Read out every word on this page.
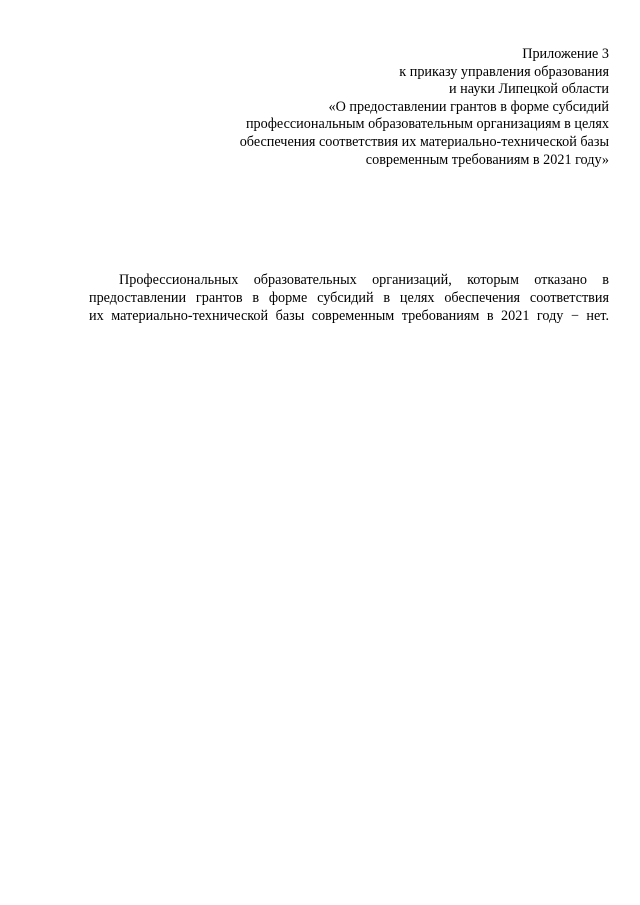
Приложение 3
к приказу управления образования
и науки Липецкой области
«О предоставлении грантов в форме субсидий
профессиональным образовательным организациям в целях
обеспечения соответствия их материально-технической базы
современным требованиям в 2021 году»
Профессиональных образовательных организаций, которым отказано в
предоставлении грантов в форме субсидий в целях обеспечения соответствия
их материально-технической базы современным требованиям в 2021 году − нет.
